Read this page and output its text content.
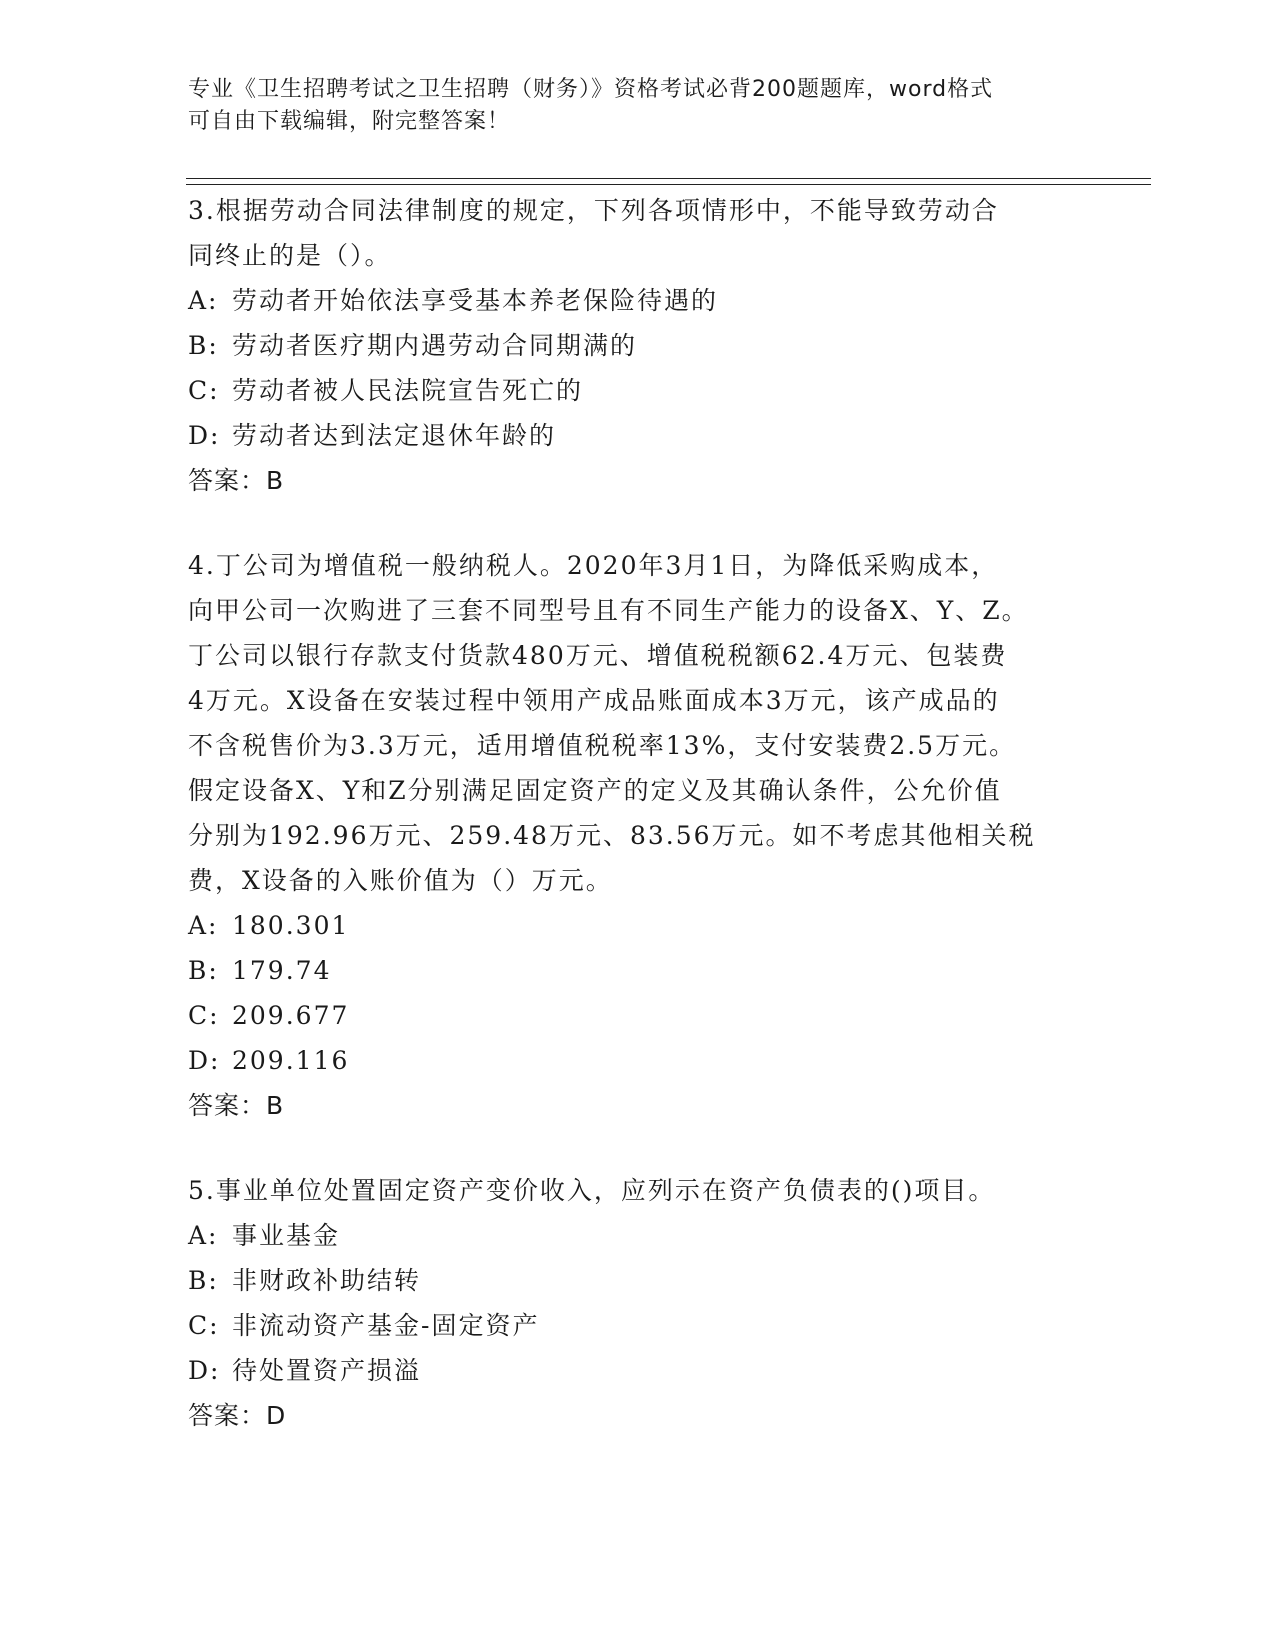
专业《卫生招聘考试之卫生招聘（财务）》资格考试必背200题题库，word格式
可自由下载编辑，附完整答案！
3.根据劳动合同法律制度的规定，下列各项情形中，不能导致劳动合
同终止的是（）。
A: 劳动者开始依法享受基本养老保险待遇的
B: 劳动者医疗期内遇劳动合同期满的
C: 劳动者被人民法院宣告死亡的
D: 劳动者达到法定退休年龄的
答案：B
4.丁公司为增值税一般纳税人。2020年3月1日，为降低采购成本，
向甲公司一次购进了三套不同型号且有不同生产能力的设备X、Y、Z。
丁公司以银行存款支付货款480万元、增值税税额62.4万元、包装费
4万元。X设备在安装过程中领用产成品账面成本3万元，该产成品的
不含税售价为3.3万元，适用增值税税率13%，支付安装费2.5万元。
假定设备X、Y和Z分别满足固定资产的定义及其确认条件，公允价值
分别为192.96万元、259.48万元、83.56万元。如不考虑其他相关税
费，X设备的入账价值为（）万元。
A: 180.301
B: 179.74
C: 209.677
D: 209.116
答案：B
5.事业单位处置固定资产变价收入，应列示在资产负债表的()项目。
A: 事业基金
B: 非财政补助结转
C: 非流动资产基金-固定资产
D: 待处置资产损溢
答案：D
